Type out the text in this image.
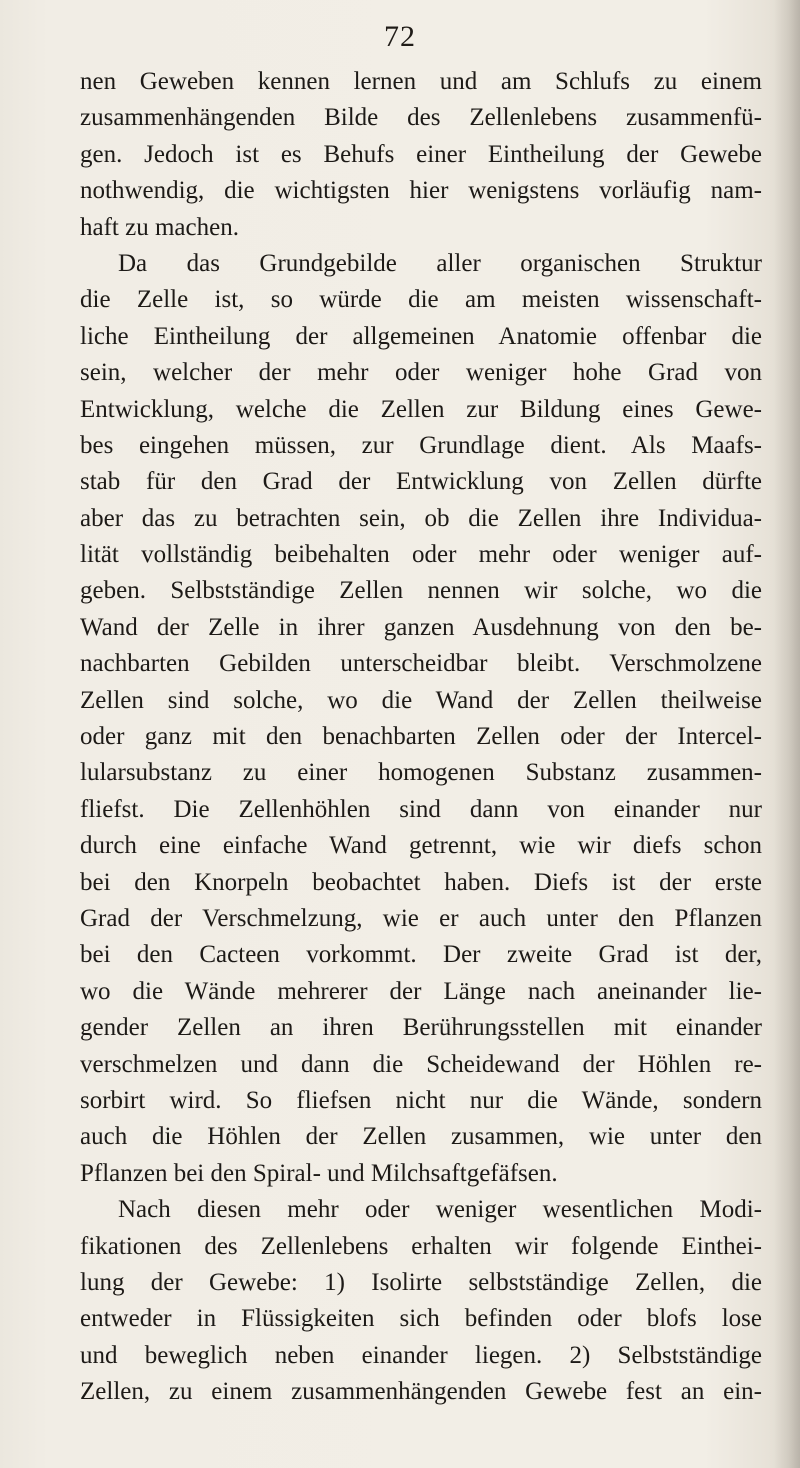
72
nen Geweben kennen lernen und am Schlufs zu einem
zusammenhängenden Bilde des Zellenlebens zusammenfü-
gen. Jedoch ist es Behufs einer Eintheilung der Gewebe
nothwendig, die wichtigsten hier wenigstens vorläufig nam-
haft zu machen.
Da das Grundgebilde aller organischen Struktur
die Zelle ist, so würde die am meisten wissenschaft-
liche Eintheilung der allgemeinen Anatomie offenbar die
sein, welcher der mehr oder weniger hohe Grad von
Entwicklung, welche die Zellen zur Bildung eines Gewe-
bes eingehen müssen, zur Grundlage dient. Als Maafs-
stab für den Grad der Entwicklung von Zellen dürfte
aber das zu betrachten sein, ob die Zellen ihre Individua-
lität vollständig beibehalten oder mehr oder weniger auf-
geben. Selbstständige Zellen nennen wir solche, wo die
Wand der Zelle in ihrer ganzen Ausdehnung von den be-
nachbarten Gebilden unterscheidbar bleibt. Verschmolzene
Zellen sind solche, wo die Wand der Zellen theilweise
oder ganz mit den benachbarten Zellen oder der Intercel-
lularsubstanz zu einer homogenen Substanz zusammen-
fliefst. Die Zellenhöhlen sind dann von einander nur
durch eine einfache Wand getrennt, wie wir diefs schon
bei den Knorpeln beobachtet haben. Diefs ist der erste
Grad der Verschmelzung, wie er auch unter den Pflanzen
bei den Cacteen vorkommt. Der zweite Grad ist der,
wo die Wände mehrerer der Länge nach aneinander lie-
gender Zellen an ihren Berührungsstellen mit einander
verschmelzen und dann die Scheidewand der Höhlen re-
sorbirt wird. So fliefsen nicht nur die Wände, sondern
auch die Höhlen der Zellen zusammen, wie unter den
Pflanzen bei den Spiral- und Milchsaftgefäfsen.
Nach diesen mehr oder weniger wesentlichen Modi-
fikationen des Zellenlebens erhalten wir folgende Einthei-
lung der Gewebe: 1) Isolirte selbstständige Zellen, die
entweder in Flüssigkeiten sich befinden oder blofs lose
und beweglich neben einander liegen. 2) Selbstständige
Zellen, zu einem zusammenhängenden Gewebe fest an ein-
